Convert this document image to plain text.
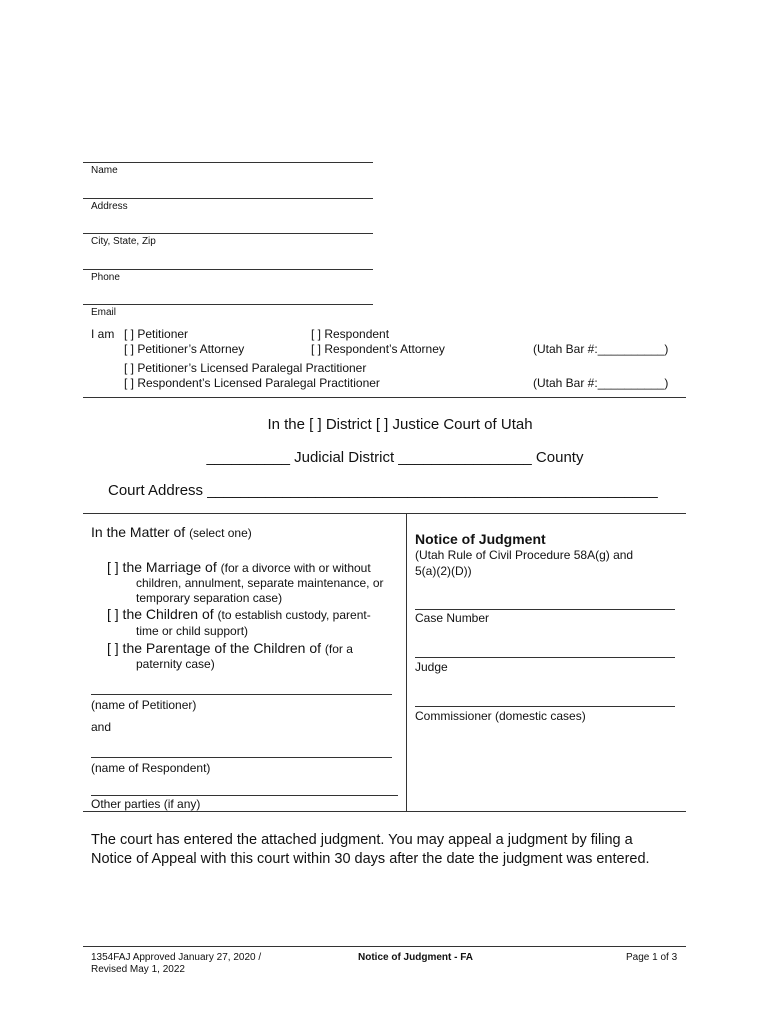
Name
Address
City, State, Zip
Phone
Email
I am [ ] Petitioner	[ ] Respondent
[ ] Petitioner’s Attorney	[ ] Respondent’s Attorney	(Utah Bar #:__________)
[ ] Petitioner’s Licensed Paralegal Practitioner
[ ] Respondent’s Licensed Paralegal Practitioner	(Utah Bar #:__________)
In the [ ] District [ ] Justice Court of Utah
__________ Judicial District ________________ County
Court Address ______________________________________________________
In the Matter of (select one)
[ ] the Marriage of (for a divorce with or without
children, annulment, separate maintenance, or
temporary separation case)
[ ] the Children of (to establish custody, parent-
time or child support)
[ ] the Parentage of the Children of (for a
paternity case)
(name of Petitioner)
and
(name of Respondent)
Other parties (if any)
Notice of Judgment
(Utah Rule of Civil Procedure 58A(g) and
5(a)(2)(D))
Case Number
Judge
Commissioner (domestic cases)
The court has entered the attached judgment. You may appeal a judgment by filing a
Notice of Appeal with this court within 30 days after the date the judgment was entered.
1354FAJ Approved January 27, 2020 /
Revised May 1, 2022
Notice of Judgment - FA	Page 1 of 3
